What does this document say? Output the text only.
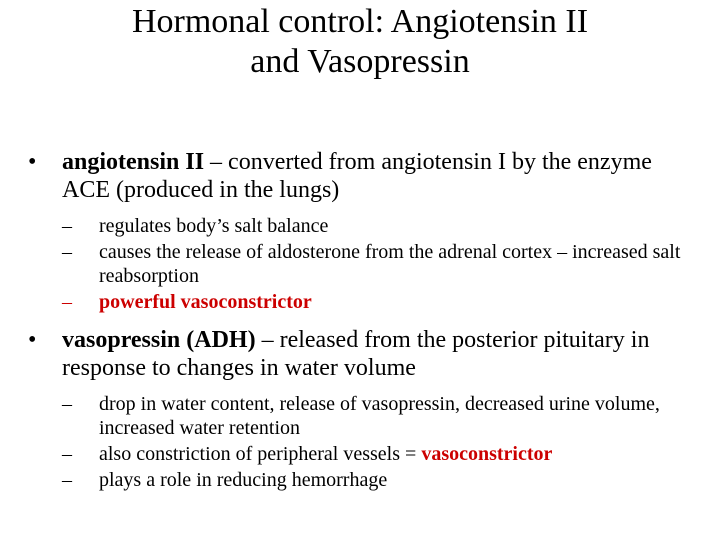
Hormonal control: Angiotensin II
and Vasopressin
• angiotensin II – converted from angiotensin I by the enzyme ACE (produced in the lungs)
– regulates body’s salt balance
– causes the release of aldosterone from the adrenal cortex – increased salt reabsorption
– powerful vasoconstrictor
• vasopressin (ADH) – released from the posterior pituitary in response to changes in water volume
– drop in water content, release of vasopressin, decreased urine volume, increased water retention
– also constriction of peripheral vessels = vasoconstrictor
– plays a role in reducing hemorrhage
